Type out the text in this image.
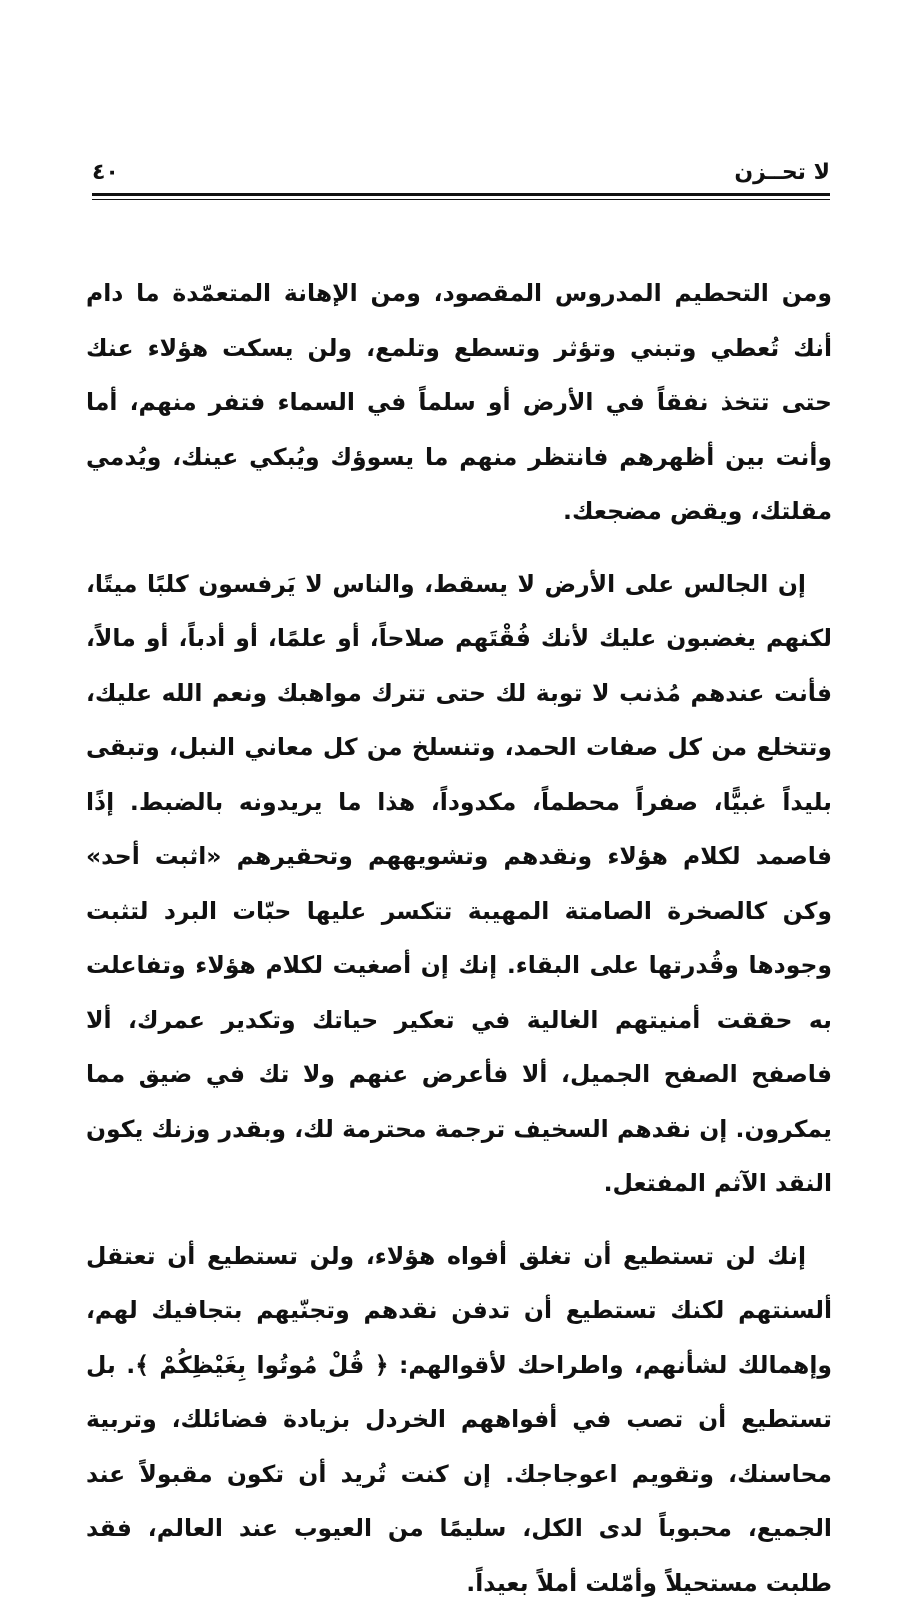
لا تحــزن
٤٠

ومن التحطيم المدروس المقصود، ومن الإهانة المتعمّدة ما دام أنك تُعطي وتبني وتؤثر وتسطع وتلمع، ولن يسكت هؤلاء عنك حتى تتخذ نفقاً في الأرض أو سلماً في السماء فتفر منهم، أما وأنت بين أظهرهم فانتظر منهم ما يسوؤك ويُبكي عينك، ويُدمي مقلتك، ويقض مضجعك.

إن الجالس على الأرض لا يسقط، والناس لا يَرفسون كلبًا ميتًا، لكنهم يغضبون عليك لأنك فُقْتَهم صلاحاً، أو علمًا، أو أدباً، أو مالاً، فأنت عندهم مُذنب لا توبة لك حتى تترك مواهبك ونعم الله عليك، وتتخلع من كل صفات الحمد، وتنسلخ من كل معاني النبل، وتبقى بليداً غبيًّا، صفراً محطماً، مكدوداً، هذا ما يريدونه بالضبط. إذًا فاصمد لكلام هؤلاء ونقدهم وتشويههم وتحقيرهم «اثبت أحد» وكن كالصخرة الصامتة المهيبة تتكسر عليها حبّات البرد لتثبت وجودها وقُدرتها على البقاء. إنك إن أصغيت لكلام هؤلاء وتفاعلت به حققت أمنيتهم الغالية في تعكير حياتك وتكدير عمرك، ألا فاصفح الصفح الجميل، ألا فأعرض عنهم ولا تك في ضيق مما يمكرون. إن نقدهم السخيف ترجمة محترمة لك، وبقدر وزنك يكون النقد الآثم المفتعل.

إنك لن تستطيع أن تغلق أفواه هؤلاء، ولن تستطيع أن تعتقل ألسنتهم لكنك تستطيع أن تدفن نقدهم وتجنّيهم بتجافيك لهم، وإهمالك لشأنهم، واطراحك لأقوالهم: ﴿ قُلْ مُوتُوا بِغَيْظِكُمْ ﴾. بل تستطيع أن تصب في أفواههم الخردل بزيادة فضائلك، وتربية محاسنك، وتقويم اعوجاجك. إن كنت تُريد أن تكون مقبولاً عند الجميع، محبوباً لدى الكل، سليمًا من العيوب عند العالم، فقد طلبت مستحيلاً وأمّلت أملاً بعيداً.
